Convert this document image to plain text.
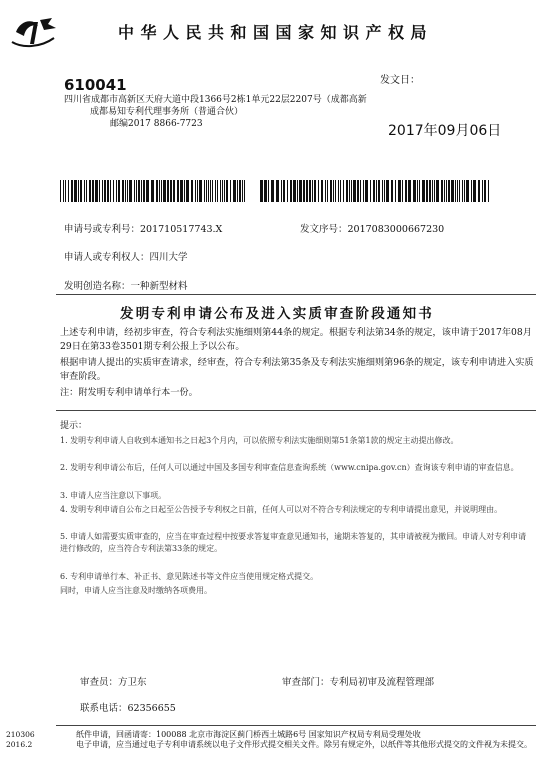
中华人民共和国国家知识产权局
610041
四川省成都市高新区天府大道中段1366号2栋1单元22层2207号（成都高新
成都易知专利代理事务所（普通合伙）
邮编2017 8866-7723
发文日：
2017年09月06日
申请号或专利号：201710517743.X	发文序号：2017083000667230
申请人或专利权人：四川大学
发明创造名称：一种新型材料
发明专利申请公布及进入实质审查阶段通知书
上述专利申请，经初步审查，符合专利法实施细则第44条的规定。根据专利法第34条的规定，该申请于2017年08月29日在第33卷3501期专利公报上予以公布。
根据申请人提出的实质审查请求，经审查，符合专利法第35条及专利法实施细则第96条的规定，该专利申请进入实质审查阶段。
注：附发明专利申请单行本一份。
提示：
1. 发明专利申请人自收到本通知书之日起3个月内，可以依照专利法实施细则第51条第1款的规定主动提出修改。
2. 发明专利申请公布后，任何人可以通过中国及多国专利审查信息查询系统（www.cnipa.gov.cn）查询该专利申请的审查信息。
3. 申请人应当注意以下事项。
4. 发明专利申请自公布之日起至公告授予专利权之日前，任何人可以对不符合专利法规定的专利申请提出意见，并说明理由。
5. 申请人如需要实质审查的，应当在审查过程中按要求答复审查意见通知书，逾期未答复的，其申请被视为撤回。申请人对专利申请进行修改的，应当符合专利法第33条的规定。
6. 专利申请单行本、补正书、意见陈述书等文件应当使用规定格式提交。
同时，申请人应当注意及时缴纳各项费用。
审查员：方卫东	审查部门：专利局初审及流程管理部
联系电话：62356655
210306
2016.2
纸件申请，回函请寄：100088 北京市海淀区蓟门桥西土城路6号 国家知识产权局专利局受理处收
电子申请，应当通过电子专利申请系统以电子文件形式提交相关文件。除另有规定外，以纸件等其他形式提交的文件视为未提交。
